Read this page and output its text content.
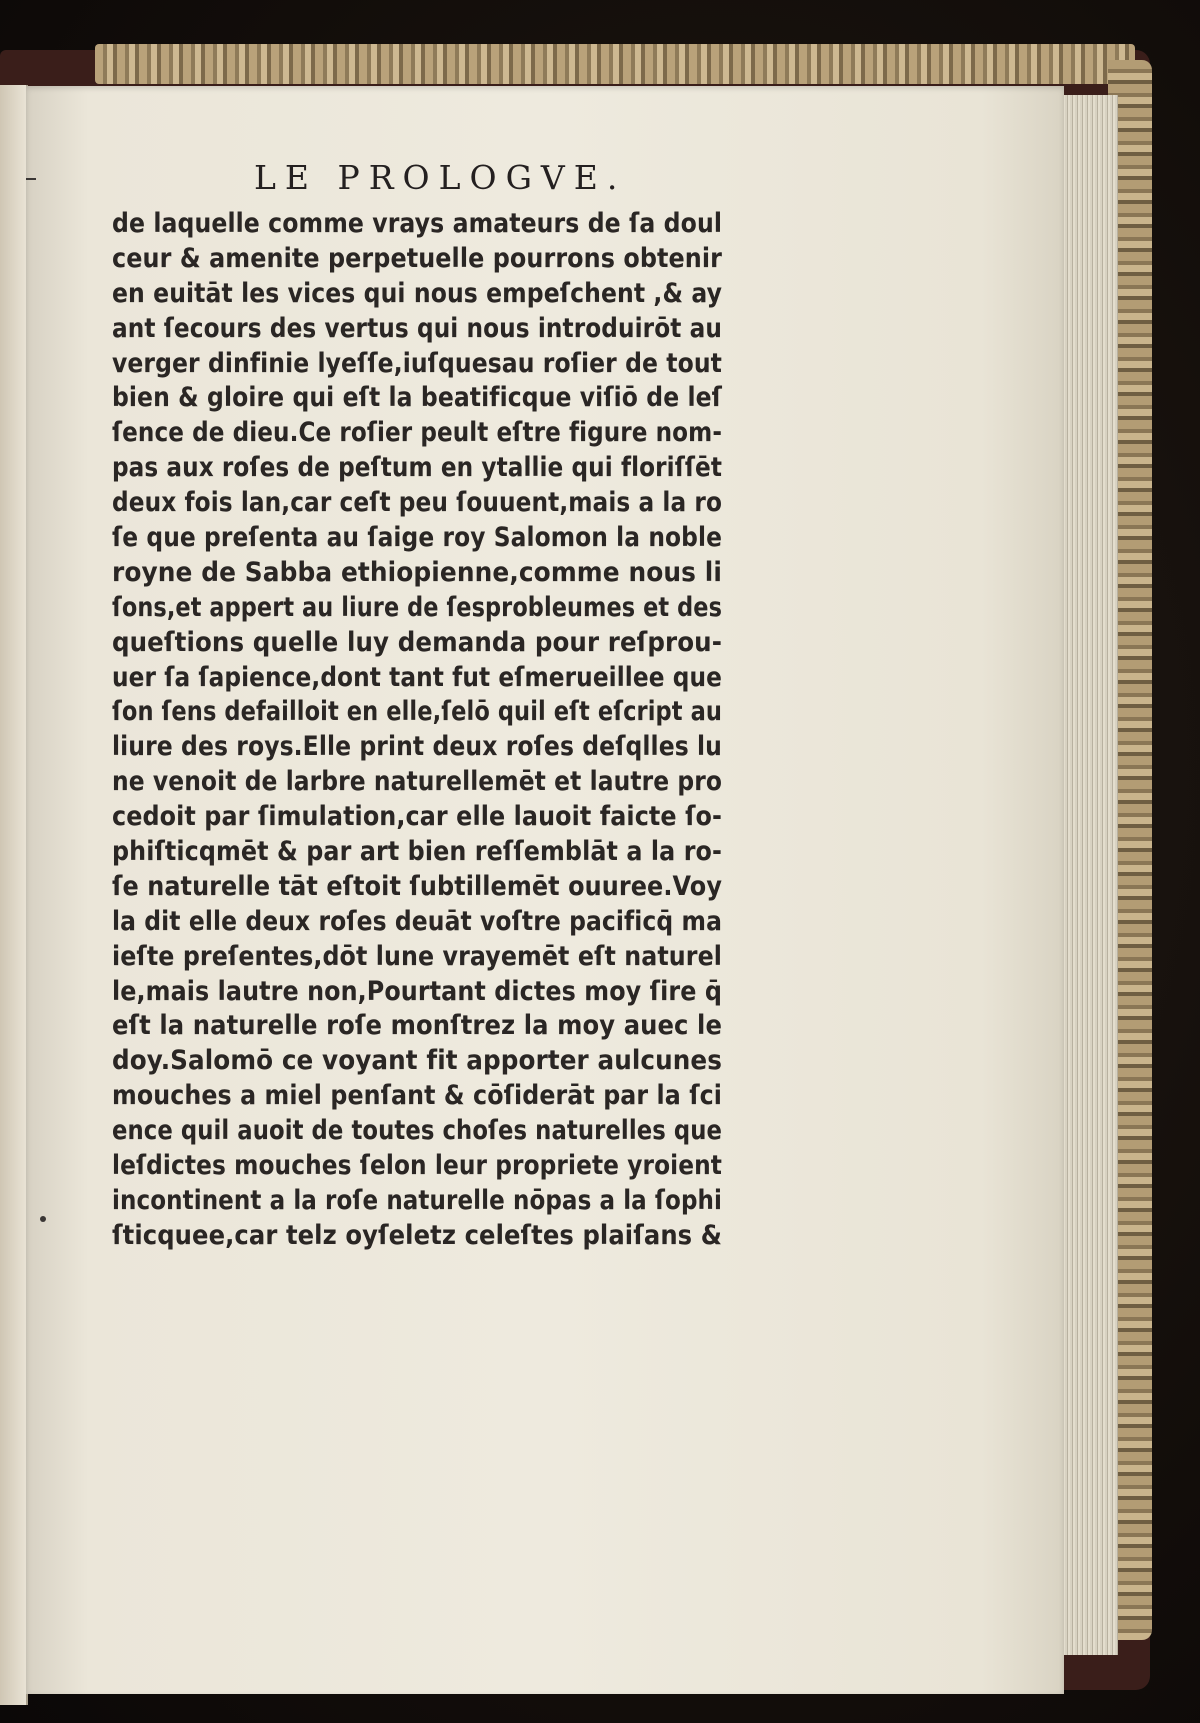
LE PROLOGVE.
de laquelle comme vrays amateurs de ſa doul
ceur & amenite perpetuelle pourrons obtenir
en euitāt les vices qui nous empeſchent ,& ay
ant ſecours des vertus qui nous introduirōt au
verger dinfinie lyeſſe,iuſquesau roſier de tout
bien & gloire qui eſt la beatificque viſiō de leſ
ſence de dieu.Ce roſier peult eſtre figure nom-
pas aux roſes de peſtum en ytallie qui floriſſēt
deux fois lan,car ceſt peu ſouuent,mais a la ro
ſe que preſenta au ſaige roy Salomon la noble
royne de Sabba ethiopienne,comme nous li
ſons,et appert au liure de ſesprobleumes et des
queſtions quelle luy demanda pour reſprou-
uer ſa ſapience,dont tant fut eſmerueillee que
ſon ſens defailloit en elle,ſelō quil eſt eſcript au
liure des roys.Elle print deux roſes deſqlles lu
ne venoit de larbre naturellemēt et lautre pro
cedoit par ſimulation,car elle lauoit faicte ſo-
phiſticqmēt & par art bien reſſemblāt a la ro-
ſe naturelle tāt eſtoit ſubtillemēt ouuree.Voy
la dit elle deux roſes deuāt voſtre pacificq̄ ma
ieſte preſentes,dōt lune vrayemēt eſt naturel
le,mais lautre non,Pourtant dictes moy ſire q̄
eſt la naturelle roſe monſtrez la moy auec le
doy.Salomō ce voyant fit apporter aulcunes
mouches a miel penſant & cōſiderāt par la ſci
ence quil auoit de toutes choſes naturelles que
leſdictes mouches ſelon leur propriete yroient
incontinent a la roſe naturelle nōpas a la ſophi
ſticquee,car telz oyſeletz celeſtes plaiſans &
